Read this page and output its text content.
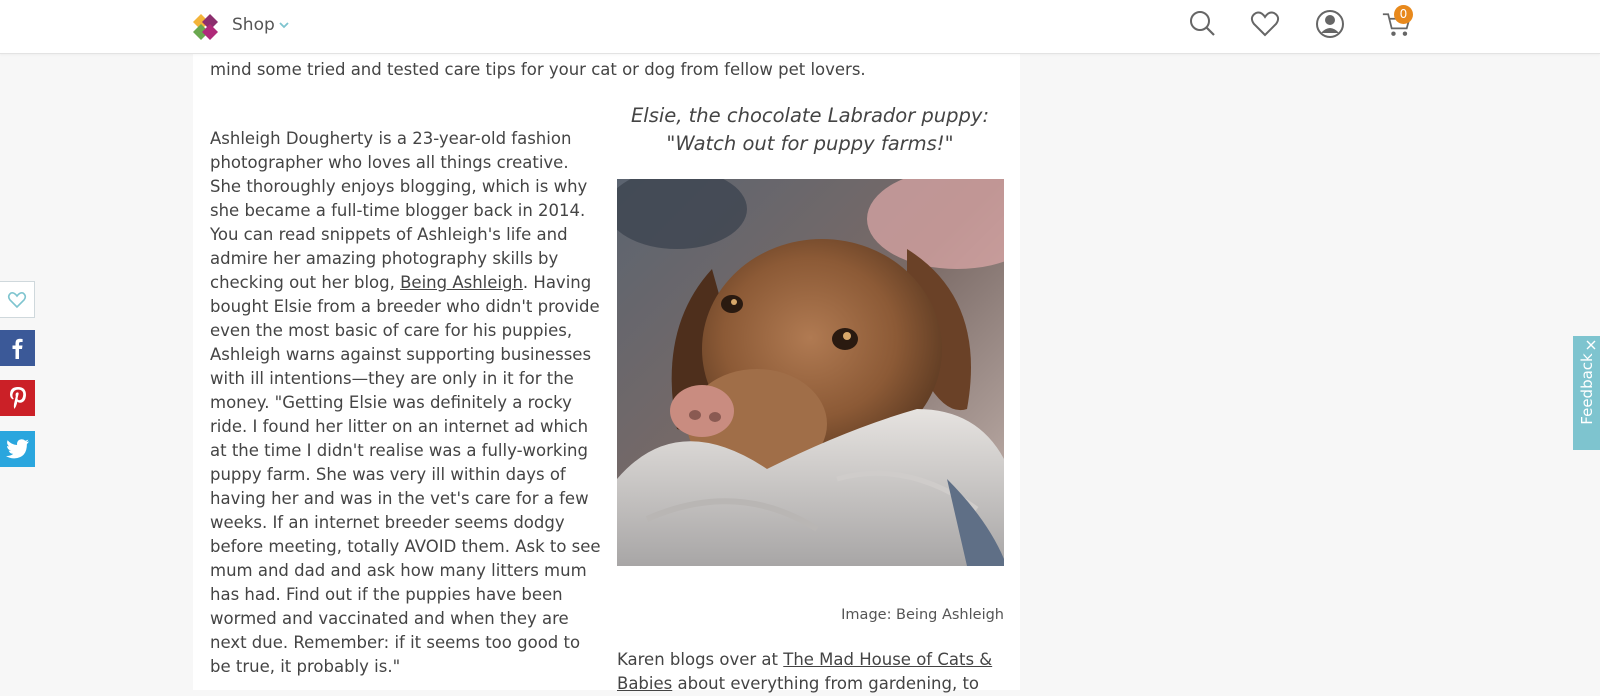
mind some tried and tested care tips for your cat or dog from fellow pet lovers.

Ashleigh Dougherty is a 23-year-old fashion photographer who loves all things creative. She thoroughly enjoys blogging, which is why she became a full-time blogger back in 2014. You can read snippets of Ashleigh's life and admire her amazing photography skills by checking out her blog, Being Ashleigh. Having bought Elsie from a breeder who didn't provide even the most basic of care for his puppies, Ashleigh warns against supporting businesses with ill intentions—they are only in it for the money. "Getting Elsie was definitely a rocky ride. I found her litter on an internet ad which at the time I didn't realise was a fully-working puppy farm. She was very ill within days of having her and was in the vet's care for a few weeks. If an internet breeder seems dodgy before meeting, totally AVOID them. Ask to see mum and dad and ask how many litters mum has had. Find out if the puppies have been wormed and vaccinated and when they are next due. Remember: if it seems too good to be true, it probably is."

Elsie, the chocolate Labrador puppy:
"Watch out for puppy farms!"
Image: Being Ashleigh

Karen blogs over at The Mad House of Cats & Babies about everything from gardening, to

Shop
0
Feedback
